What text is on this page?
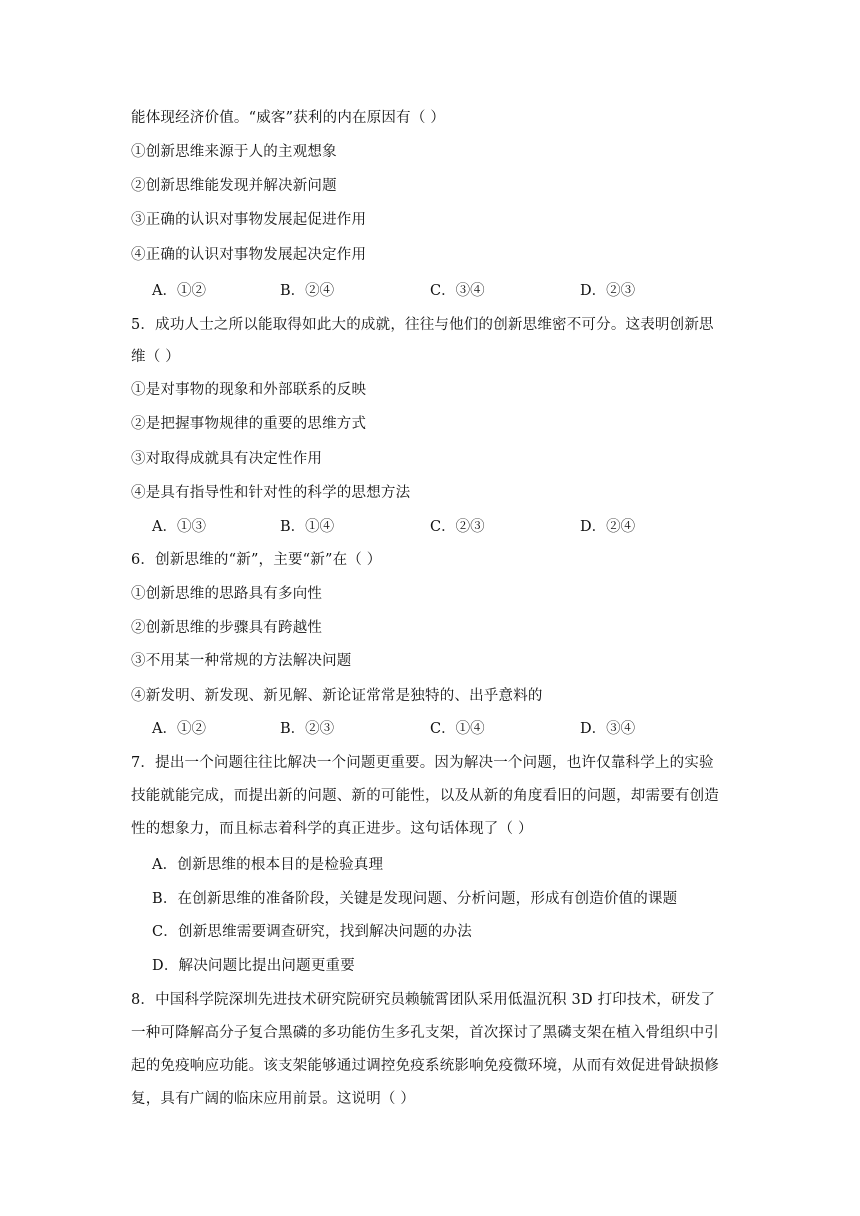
能体现经济价值。“威客”获利的内在原因有（ ）
①创新思维来源于人的主观想象
②创新思维能发现并解决新问题
③正确的认识对事物发展起促进作用
④正确的认识对事物发展起决定作用
A．①②	B．②④	C．③④	D．②③
5．成功人士之所以能取得如此大的成就，往往与他们的创新思维密不可分。这表明创新思
维（ ）
①是对事物的现象和外部联系的反映
②是把握事物规律的重要的思维方式
③对取得成就具有决定性作用
④是具有指导性和针对性的科学的思想方法
A．①③	B．①④	C．②③	D．②④
6．创新思维的“新”，主要“新”在（ ）
①创新思维的思路具有多向性
②创新思维的步骤具有跨越性
③不用某一种常规的方法解决问题
④新发明、新发现、新见解、新论证常常是独特的、出乎意料的
A．①②	B．②③	C．①④	D．③④
7．提出一个问题往往比解决一个问题更重要。因为解决一个问题，也许仅靠科学上的实验
技能就能完成，而提出新的问题、新的可能性，以及从新的角度看旧的问题，却需要有创造
性的想象力，而且标志着科学的真正进步。这句话体现了（ ）
A．创新思维的根本目的是检验真理
B．在创新思维的准备阶段，关键是发现问题、分析问题，形成有创造价值的课题
C．创新思维需要调查研究，找到解决问题的办法
D．解决问题比提出问题更重要
8．中国科学院深圳先进技术研究院研究员赖毓霄团队采用低温沉积 3D 打印技术，研发了
一种可降解高分子复合黑磷的多功能仿生多孔支架，首次探讨了黑磷支架在植入骨组织中引
起的免疫响应功能。该支架能够通过调控免疫系统影响免疫微环境，从而有效促进骨缺损修
复，具有广阔的临床应用前景。这说明（ ）
